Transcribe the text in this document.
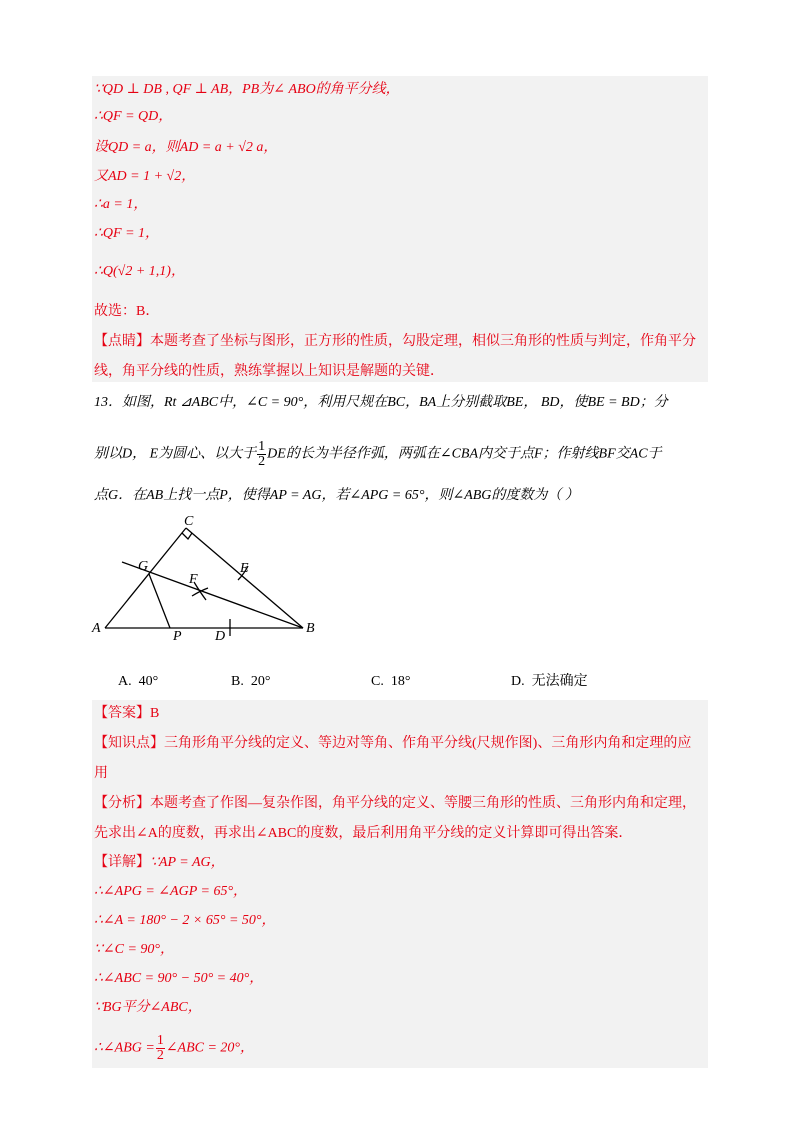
∵QD ⊥ DB , QF ⊥ AB，PB为∠ ABO的角平分线，
∴QF = QD，
设QD = a，则AD = a + √2 a，
又AD = 1 + √2，
∴a = 1，
∴QF = 1，
∴Q(√2 + 1,1)，
故选：B．
【点睛】本题考查了坐标与图形，正方形的性质，勾股定理，相似三角形的性质与判定，作角平分
线，角平分线的性质，熟练掌握以上知识是解题的关键．
13．如图，Rt ⊿ABC中，∠C = 90°，利用尺规在BC，BA上分别截取BE， BD，使BE = BD；分
别以D， E为圆心、以大于 $\frac{1}{2}$ DE的长为半径作弧，两弧在∠CBA内交于点F；作射线BF交AC于
点G．在AB上找一点P，使得AP = AG，若∠APG = 65°，则∠ABG的度数为（ ）
C
G
F
E
A
P D
B
A. 40°	B. 20°	C. 18°	D. 无法确定
【答案】B
【知识点】三角形角平分线的定义、等边对等角、作角平分线(尺规作图)、三角形内角和定理的应
用
【分析】本题考查了作图—复杂作图，角平分线的定义、等腰三角形的性质、三角形内角和定理，
先求出∠A的度数，再求出∠ABC的度数，最后利用角平分线的定义计算即可得出答案．
【详解】∵AP = AG，
∴∠APG = ∠AGP = 65°，
∴∠A = 180° − 2 × 65° = 50°，
∵∠C = 90°，
∴∠ABC = 90° − 50° = 40°，
∵BG平分∠ABC，
∴∠ABG = $\frac{1}{2}$ ∠ABC = 20°，
